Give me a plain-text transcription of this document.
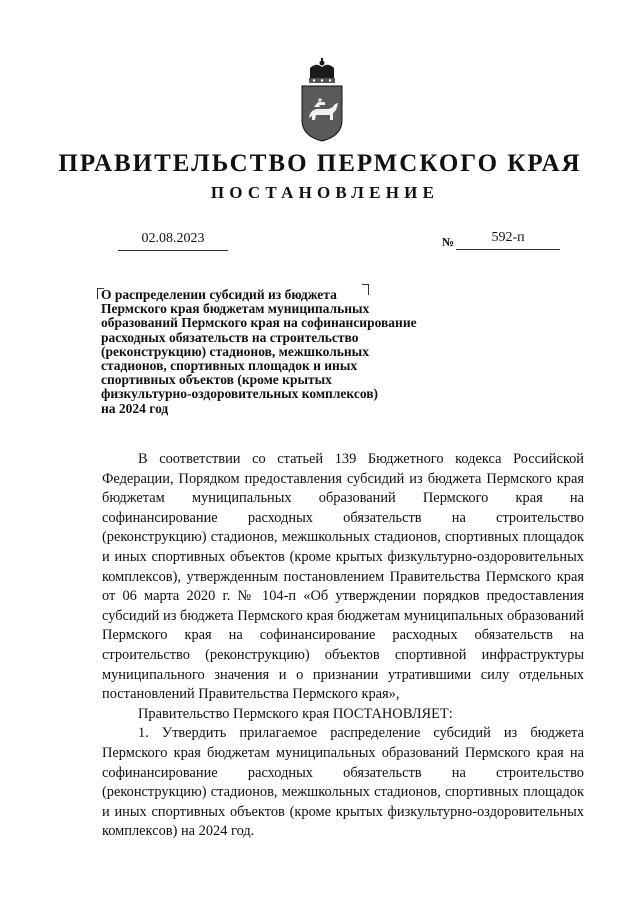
ПРАВИТЕЛЬСТВО ПЕРМСКОГО КРАЯ
ПОСТАНОВЛЕНИЕ
02.08.2023	№	592-п
О распределении субсидий из бюджета
Пермского края бюджетам муниципальных
образований Пермского края на софинансирование
расходных обязательств на строительство
(реконструкцию) стадионов, межшкольных
стадионов, спортивных площадок и иных
спортивных объектов (кроме крытых
физкультурно-оздоровительных комплексов)
на 2024 год

В соответствии со статьей 139 Бюджетного кодекса Российской Федерации, Порядком предоставления субсидий из бюджета Пермского края бюджетам муниципальных образований Пермского края на софинансирование расходных обязательств на строительство (реконструкцию) стадионов, межшкольных стадионов, спортивных площадок и иных спортивных объектов (кроме крытых физкультурно-оздоровительных комплексов), утвержденным постановлением Правительства Пермского края от 06 марта 2020 г. № 104-п «Об утверждении порядков предоставления субсидий из бюджета Пермского края бюджетам муниципальных образований Пермского края на софинансирование расходных обязательств на строительство (реконструкцию) объектов спортивной инфраструктуры муниципального значения и о признании утратившими силу отдельных постановлений Правительства Пермского края»,

Правительство Пермского края ПОСТАНОВЛЯЕТ:

1. Утвердить прилагаемое распределение субсидий из бюджета Пермского края бюджетам муниципальных образований Пермского края на софинансирование расходных обязательств на строительство (реконструкцию) стадионов, межшкольных стадионов, спортивных площадок и иных спортивных объектов (кроме крытых физкультурно-оздоровительных комплексов) на 2024 год.
